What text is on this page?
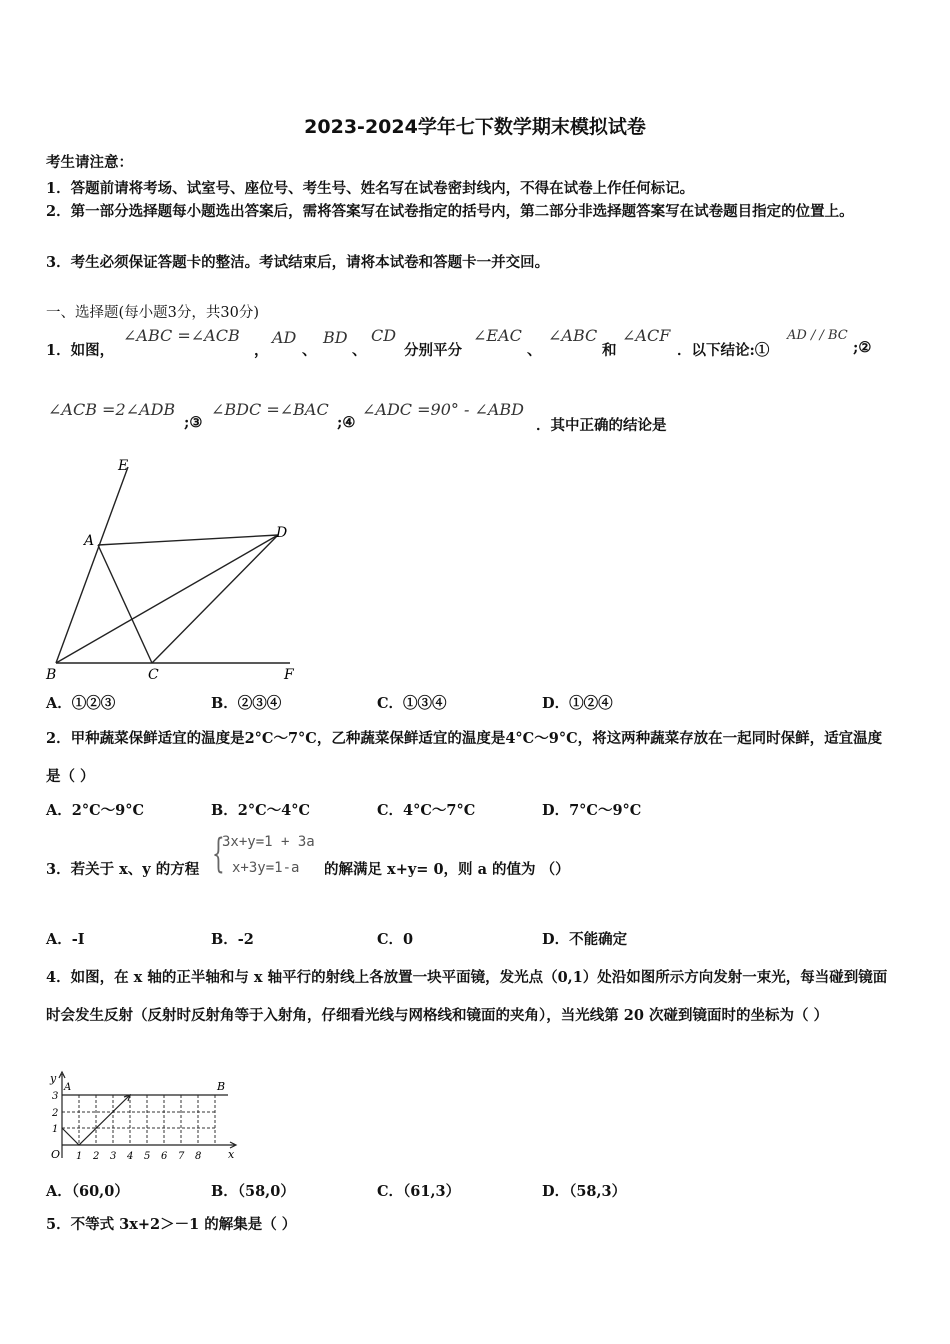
2023-2024学年七下数学期末模拟试卷
考生请注意：
1．答题前请将考场、试室号、座位号、考生号、姓名写在试卷密封线内，不得在试卷上作任何标记。
2．第一部分选择题每小题选出答案后，需将答案写在试卷指定的括号内，第二部分非选择题答案写在试卷题目指定的位置上。
3．考生必须保证答题卡的整洁。考试结束后，请将本试卷和答题卡一并交回。
一、选择题(每小题3分，共30分)
1．如图，
∠ABC =∠ACB
，
AD
、
BD
、
CD
分别平分
∠EAC
、
∠ABC
和
∠ACF
．以下结论:①
AD / / BC
;②
∠ACB =2∠ADB
;③
∠BDC =∠BAC
;④
∠ADC =90° - ∠ABD
．其中正确的结论是
E
A	D
B	C	F
A．①②③	B．②③④	C．①③④	D．①②④
2．甲种蔬菜保鲜适宜的温度是2°C～7°C，乙种蔬菜保鲜适宜的温度是4°C～9°C，将这两种蔬菜存放在一起同时保鲜，适宜温度是（ ）
A．2°C～9°C	B．2°C～4°C	C．4°C～7°C	D．7°C～9°C
3．若关于 x、y 的方程 {
3x+y=1 + 3a
x+3y=1-a 的解满足 x+y= 0，则 a 的值为 （）
A．-I	B．-2	C．0	D．不能确定
4．如图，在 x 轴的正半轴和与 x 轴平行的射线上各放置一块平面镜，发光点（0,1）处沿如图所示方向发射一束光，每当碰到镜面时会发生反射（反射时反射角等于入射角，仔细看光线与网格线和镜面的夹角），当光线第 20 次碰到镜面时的坐标为（ ）
y
x
O
A	B
1
2
3
1 2 3 4 5 6 7 8
A．（60,0）	B．（58,0）	C．（61,3）	D．（58,3）
5．不等式 3x+2＞－1 的解集是（ ）
